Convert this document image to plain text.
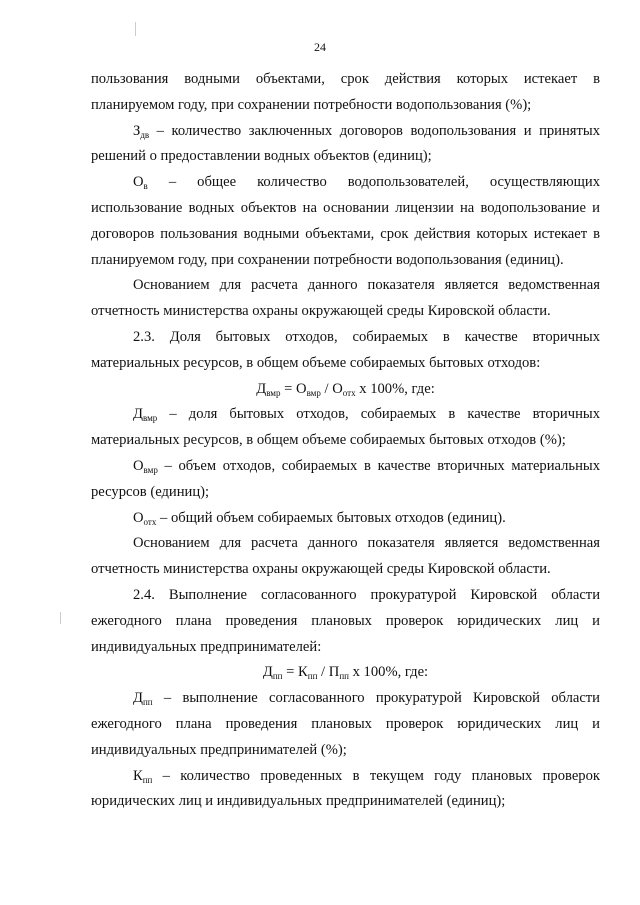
24

пользования водными объектами, срок действия которых истекает в планируемом году, при сохранении потребности водопользования (%);

$З_{дв}$ – количество заключенных договоров водопользования и принятых решений о предоставлении водных объектов (единиц);

$О_в$ – общее количество водопользователей, осуществляющих использование водных объектов на основании лицензии на водопользование и договоров пользования водными объектами, срок действия которых истекает в планируемом году, при сохранении потребности водопользования (единиц).

Основанием для расчета данного показателя является ведомственная отчетность министерства охраны окружающей среды Кировской области.

2.3. Доля бытовых отходов, собираемых в качестве вторичных материальных ресурсов, в общем объеме собираемых бытовых отходов:

$Д_{вмр} = О_{вмр} / О_{отх}$ х 100%, где:

$Д_{вмр}$ – доля бытовых отходов, собираемых в качестве вторичных материальных ресурсов, в общем объеме собираемых бытовых отходов (%);

$О_{вмр}$ – объем отходов, собираемых в качестве вторичных материальных ресурсов (единиц);

$О_{отх}$ – общий объем собираемых бытовых отходов (единиц).

Основанием для расчета данного показателя является ведомственная отчетность министерства охраны окружающей среды Кировской области.

2.4. Выполнение согласованного прокуратурой Кировской области ежегодного плана проведения плановых проверок юридических лиц и индивидуальных предпринимателей:

$Д_{пп} = К_{пп} / П_{пп}$ х 100%, где:

$Д_{пп}$ – выполнение согласованного прокуратурой Кировской области ежегодного плана проведения плановых проверок юридических лиц и индивидуальных предпринимателей (%);

$К_{пп}$ – количество проведенных в текущем году плановых проверок юридических лиц и индивидуальных предпринимателей (единиц);
